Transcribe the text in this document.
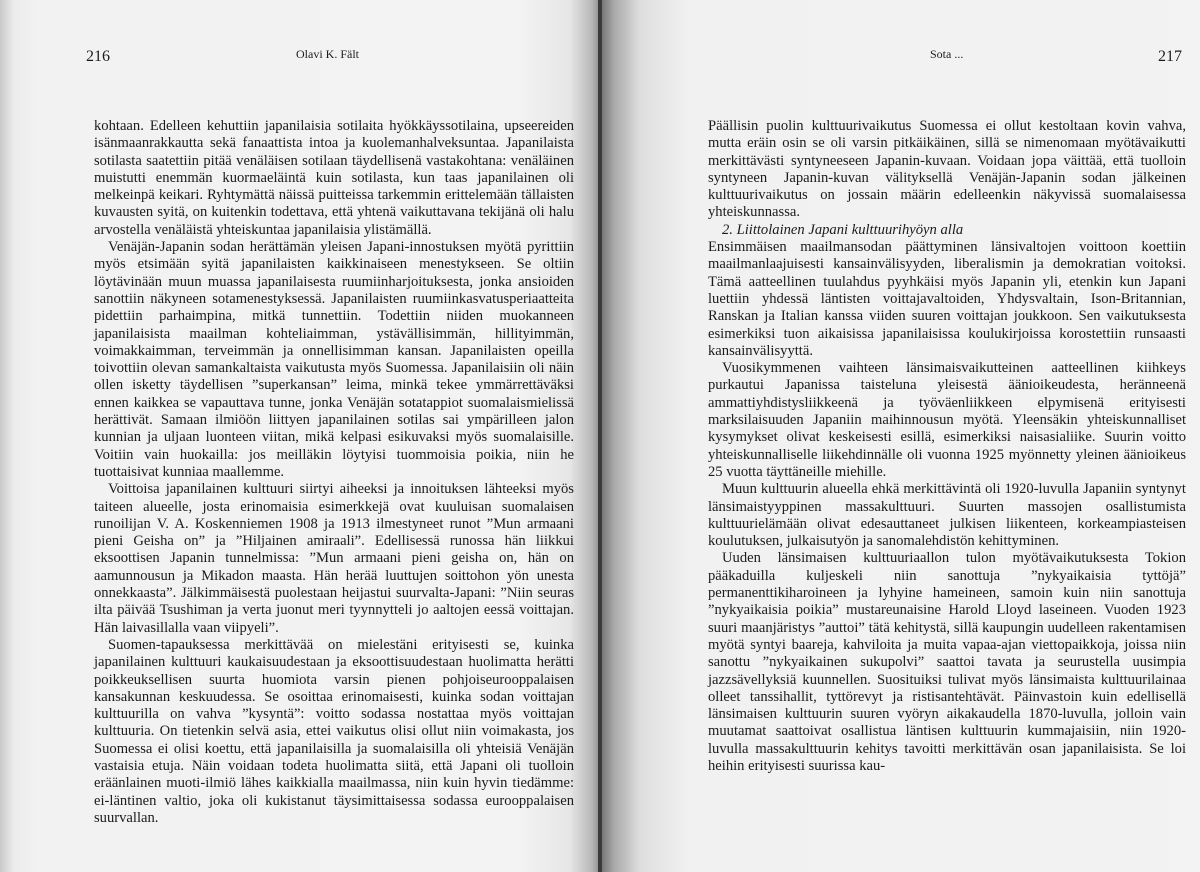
216	Olavi K. Fält

kohtaan. Edelleen kehuttiin japanilaisia sotilaita hyökkäyssotilaina, upseereiden isänmaanrakkautta sekä fanaattista intoa ja kuolemanhalveksuntaa. Japanilaista sotilasta saatettiin pitää venäläisen sotilaan täydellisenä vastakohtana: venäläinen muistutti enemmän kuormaeläintä kuin sotilasta, kun taas japanilainen oli melkeinpä keikari. Ryhtymättä näissä puitteissa tarkemmin erittelemään tällaisten kuvausten syitä, on kuitenkin todettava, että yhtenä vaikuttavana tekijänä oli halu arvostella venäläistä yhteiskuntaa japanilaisia ylistämällä.

Venäjän-Japanin sodan herättämän yleisen Japani-innostuksen myötä pyrittiin myös etsimään syitä japanilaisten kaikkinaiseen menestykseen. Se oltiin löytävinään muun muassa japanilaisesta ruumiinharjoituksesta, jonka ansioiden sanottiin näkyneen sotamenestyksessä. Japanilaisten ruumiinkasvatusperiaatteita pidettiin parhaimpina, mitkä tunnettiin. Todettiin niiden muokanneen japanilaisista maailman kohteliaimman, ystävällisimmän, hillityimmän, voimakkaimman, terveimmän ja onnellisimman kansan. Japanilaisten opeilla toivottiin olevan samankaltaista vaikutusta myös Suomessa. Japanilaisiin oli näin ollen isketty täydellisen ”superkansan” leima, minkä tekee ymmärrettäväksi ennen kaikkea se vapauttava tunne, jonka Venäjän sotatappiot suomalaismielissä herättivät. Samaan ilmiöön liittyen japanilainen sotilas sai ympärilleen jalon kunnian ja uljaan luonteen viitan, mikä kelpasi esikuvaksi myös suomalaisille. Voitiin vain huokailla: jos meilläkin löytyisi tuommoisia poikia, niin he tuottaisivat kunniaa maallemme.

Voittoisa japanilainen kulttuuri siirtyi aiheeksi ja innoituksen lähteeksi myös taiteen alueelle, josta erinomaisia esimerkkejä ovat kuuluisan suomalaisen runoilijan V. A. Koskenniemen 1908 ja 1913 ilmestyneet runot ”Mun armaani pieni Geisha on” ja ”Hiljainen amiraali”. Edellisessä runossa hän liikkui eksoottisen Japanin tunnelmissa: ”Mun armaani pieni geisha on, hän on aamunnousun ja Mikadon maasta. Hän herää luuttujen soittohon yön unesta onnekkaasta”. Jälkimmäisestä puolestaan heijastui suurvalta-Japani: ”Niin seuras ilta päivää Tsushiman ja verta juonut meri tyynnytteli jo aaltojen eessä voittajan. Hän laivasillalla vaan viipyeli”.

Suomen-tapauksessa merkittävää on mielestäni erityisesti se, kuinka japanilainen kulttuuri kaukaisuudestaan ja eksoottisuudestaan huolimatta herätti poikkeuksellisen suurta huomiota varsin pienen pohjoiseurooppalaisen kansakunnan keskuudessa. Se osoittaa erinomaisesti, kuinka sodan voittajan kulttuurilla on vahva ”kysyntä”: voitto sodassa nostattaa myös voittajan kulttuuria. On tietenkin selvä asia, ettei vaikutus olisi ollut niin voimakasta, jos Suomessa ei olisi koettu, että japanilaisilla ja suomalaisilla oli yhteisiä Venäjän vastaisia etuja. Näin voidaan todeta huolimatta siitä, että Japani oli tuolloin eräänlainen muoti-ilmiö lähes kaikkialla maailmassa, niin kuin hyvin tiedämme: ei-läntinen valtio, joka oli kukistanut täysimittaisessa sodassa eurooppalaisen suurvallan.

Sota ...	217

Päällisin puolin kulttuurivaikutus Suomessa ei ollut kestoltaan kovin vahva, mutta eräin osin se oli varsin pitkäikäinen, sillä se nimenomaan myötävaikutti merkittävästi syntyneeseen Japanin-kuvaan. Voidaan jopa väittää, että tuolloin syntyneen Japanin-kuvan välityksellä Venäjän-Japanin sodan jälkeinen kulttuurivaikutus on jossain määrin edelleenkin näkyvissä suomalaisessa yhteiskunnassa.

2. Liittolainen Japani kulttuurihyöyn alla

Ensimmäisen maailmansodan päättyminen länsivaltojen voittoon koettiin maailmanlaajuisesti kansainvälisyyden, liberalismin ja demokratian voitoksi. Tämä aatteellinen tuulahdus pyyhkäisi myös Japanin yli, etenkin kun Japani luettiin yhdessä läntisten voittajavaltoiden, Yhdysvaltain, Ison-Britannian, Ranskan ja Italian kanssa viiden suuren voittajan joukkoon. Sen vaikutuksesta esimerkiksi tuon aikaisissa japanilaisissa koulukirjoissa korostettiin runsaasti kansainvälisyyttä.

Vuosikymmenen vaihteen länsimaisvaikutteinen aatteellinen kiihkeys purkautui Japanissa taisteluna yleisestä äänioikeudesta, heränneenä ammattiyhdistysliikkeenä ja työväenliikkeen elpymisenä erityisesti marksilaisuuden Japaniin maihinnousun myötä. Yleensäkin yhteiskunnalliset kysymykset olivat keskeisesti esillä, esimerkiksi naisasialiike. Suurin voitto yhteiskunnalliselle liikehdinnälle oli vuonna 1925 myönnetty yleinen äänioikeus 25 vuotta täyttäneille miehille.

Muun kulttuurin alueella ehkä merkittävintä oli 1920-luvulla Japaniin syntynyt länsimaistyyppinen massakulttuuri. Suurten massojen osallistumista kulttuurielämään olivat edesauttaneet julkisen liikenteen, korkeampiasteisen koulutuksen, julkaisutyön ja sanomalehdistön kehittyminen.

Uuden länsimaisen kulttuuriaallon tulon myötävaikutuksesta Tokion pääkaduilla kuljeskeli niin sanottuja ”nykyaikaisia tyttöjä” permanenttikiharoineen ja lyhyine hameineen, samoin kuin niin sanottuja ”nykyaikaisia poikia” mustareunaisine Harold Lloyd laseineen. Vuoden 1923 suuri maanjäristys ”auttoi” tätä kehitystä, sillä kaupungin uudelleen rakentamisen myötä syntyi baareja, kahviloita ja muita vapaa-ajan viettopaikkoja, joissa niin sanottu ”nykyaikainen sukupolvi” saattoi tavata ja seurustella uusimpia jazzsävellyksiä kuunnellen. Suosituiksi tulivat myös länsimaista kulttuurilainaa olleet tanssihallit, tyttörevyt ja ristisantehtävät. Päinvastoin kuin edellisellä länsimaisen kulttuurin suuren vyöryn aikakaudella 1870-luvulla, jolloin vain muutamat saattoivat osallistua läntisen kulttuurin kummajaisiin, niin 1920-luvulla massakulttuurin kehitys tavoitti merkittävän osan japanilaisista. Se loi heihin erityisesti suurissa kau-
